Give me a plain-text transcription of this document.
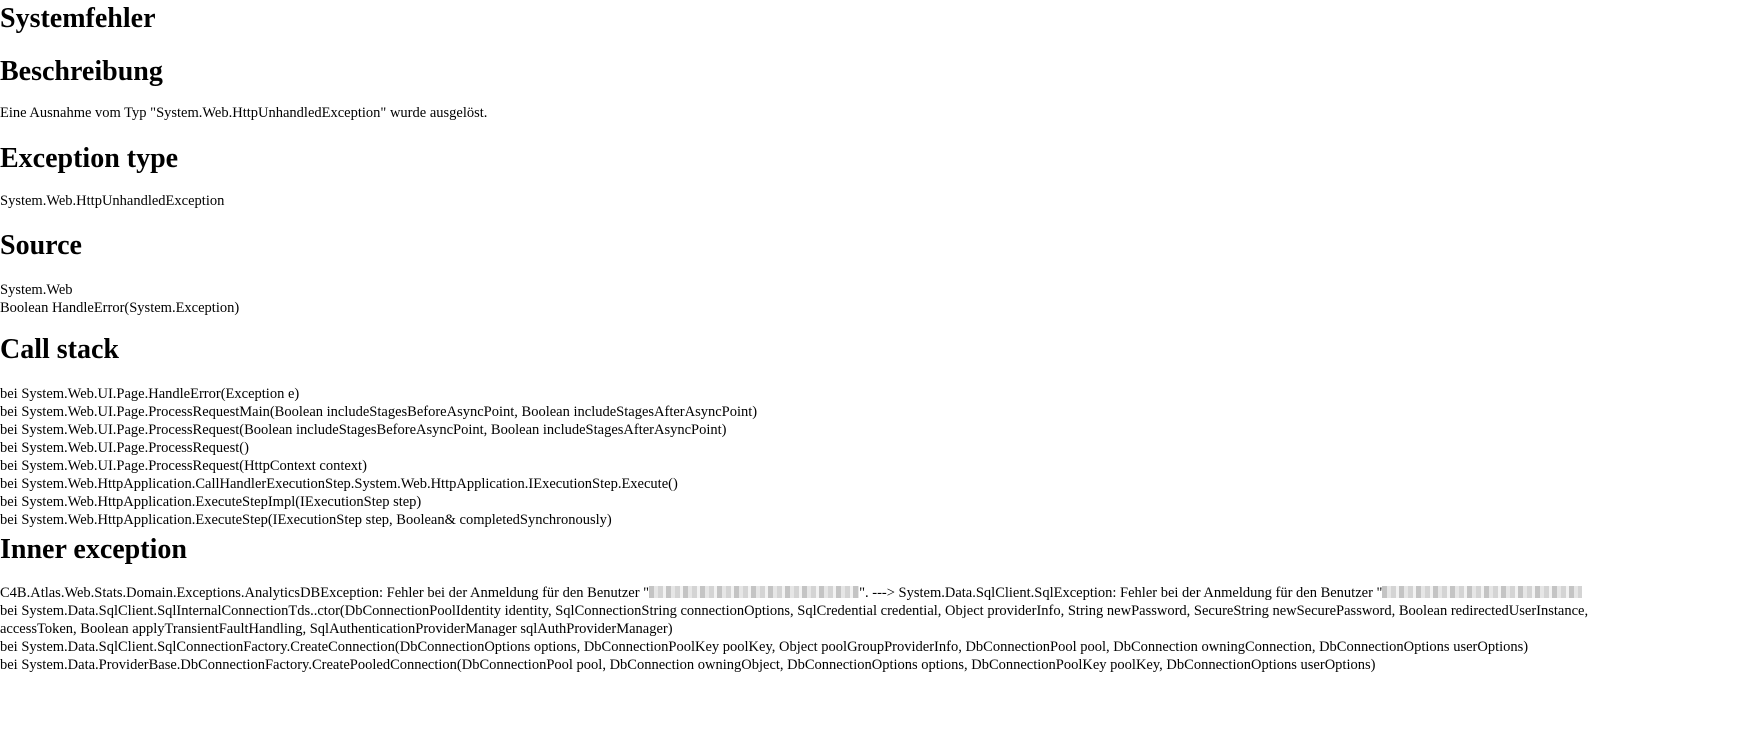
Systemfehler
Beschreibung
Eine Ausnahme vom Typ "System.Web.HttpUnhandledException" wurde ausgelöst.
Exception type
System.Web.HttpUnhandledException
Source
System.Web
Boolean HandleError(System.Exception)
Call stack
bei System.Web.UI.Page.HandleError(Exception e)
bei System.Web.UI.Page.ProcessRequestMain(Boolean includeStagesBeforeAsyncPoint, Boolean includeStagesAfterAsyncPoint)
bei System.Web.UI.Page.ProcessRequest(Boolean includeStagesBeforeAsyncPoint, Boolean includeStagesAfterAsyncPoint)
bei System.Web.UI.Page.ProcessRequest()
bei System.Web.UI.Page.ProcessRequest(HttpContext context)
bei System.Web.HttpApplication.CallHandlerExecutionStep.System.Web.HttpApplication.IExecutionStep.Execute()
bei System.Web.HttpApplication.ExecuteStepImpl(IExecutionStep step)
bei System.Web.HttpApplication.ExecuteStep(IExecutionStep step, Boolean& completedSynchronously)
Inner exception
C4B.Atlas.Web.Stats.Domain.Exceptions.AnalyticsDBException: Fehler bei der Anmeldung für den Benutzer "	". ---> System.Data.SqlClient.SqlException: Fehler bei der Anmeldung für den Benutzer "
bei System.Data.SqlClient.SqlInternalConnectionTds..ctor(DbConnectionPoolIdentity identity, SqlConnectionString connectionOptions, SqlCredential credential, Object providerInfo, String newPassword, SecureString newSecurePassword, Boolean redirectedUserInstance,
accessToken, Boolean applyTransientFaultHandling, SqlAuthenticationProviderManager sqlAuthProviderManager)
bei System.Data.SqlClient.SqlConnectionFactory.CreateConnection(DbConnectionOptions options, DbConnectionPoolKey poolKey, Object poolGroupProviderInfo, DbConnectionPool pool, DbConnection owningConnection, DbConnectionOptions userOptions)
bei System.Data.ProviderBase.DbConnectionFactory.CreatePooledConnection(DbConnectionPool pool, DbConnection owningObject, DbConnectionOptions options, DbConnectionPoolKey poolKey, DbConnectionOptions userOptions)
